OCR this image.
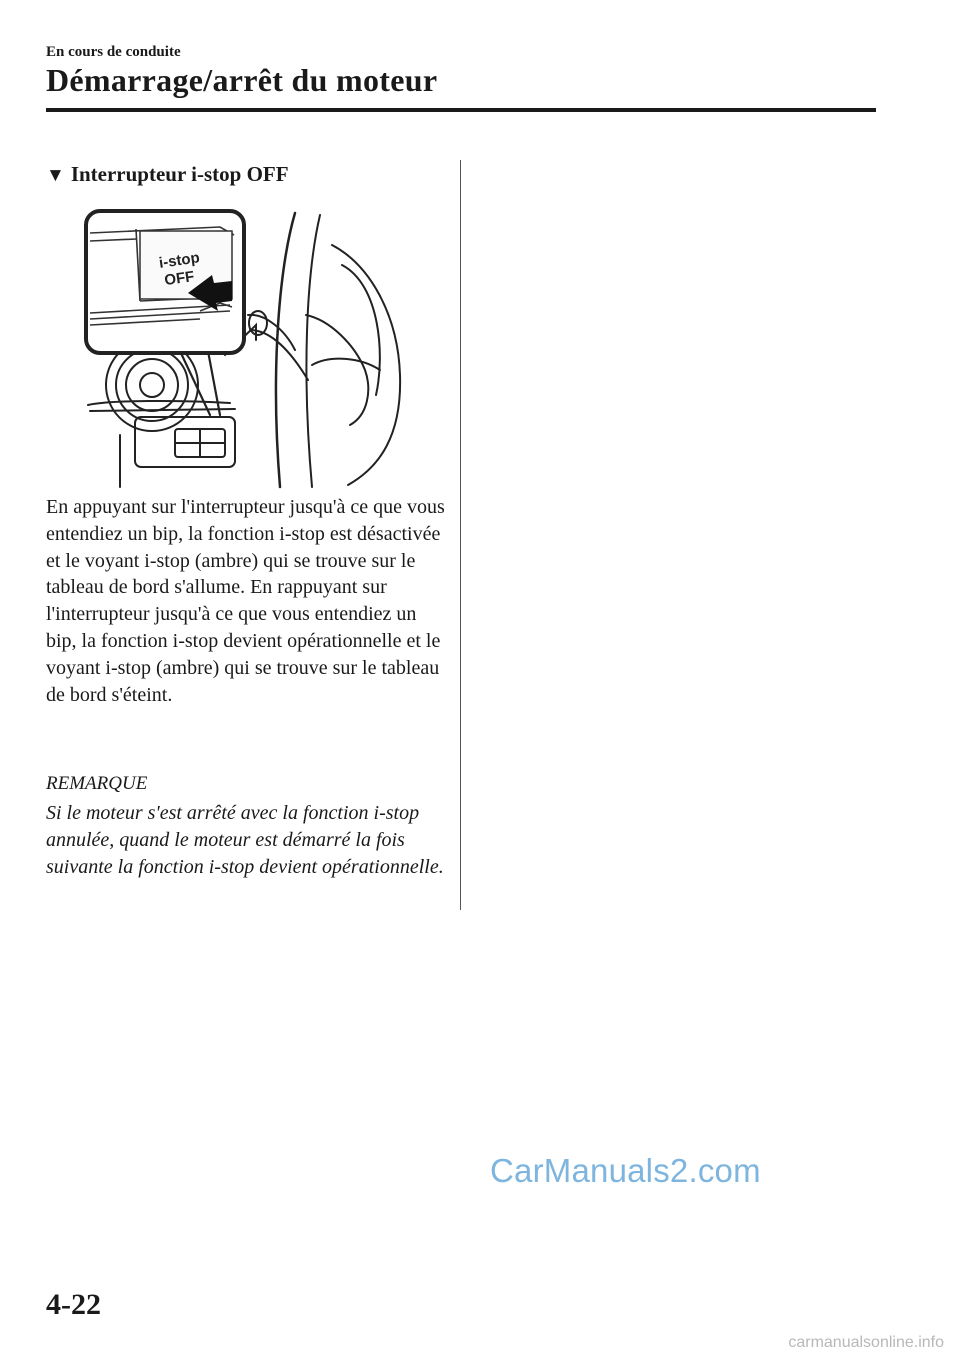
En cours de conduite
Démarrage/arrêt du moteur
▼ Interrupteur i-stop OFF
i-stop
OFF
En appuyant sur l'interrupteur jusqu'à ce que vous entendiez un bip, la fonction i-stop est désactivée et le voyant i-stop (ambre) qui se trouve sur le tableau de bord s'allume. En rappuyant sur l'interrupteur jusqu'à ce que vous entendiez un bip, la fonction i-stop devient opérationnelle et le voyant i-stop (ambre) qui se trouve sur le tableau de bord s'éteint.
REMARQUE
Si le moteur s'est arrêté avec la fonction i-stop annulée, quand le moteur est démarré la fois suivante la fonction i-stop devient opérationnelle.
CarManuals2.com
4-22
carmanualsonline.info
